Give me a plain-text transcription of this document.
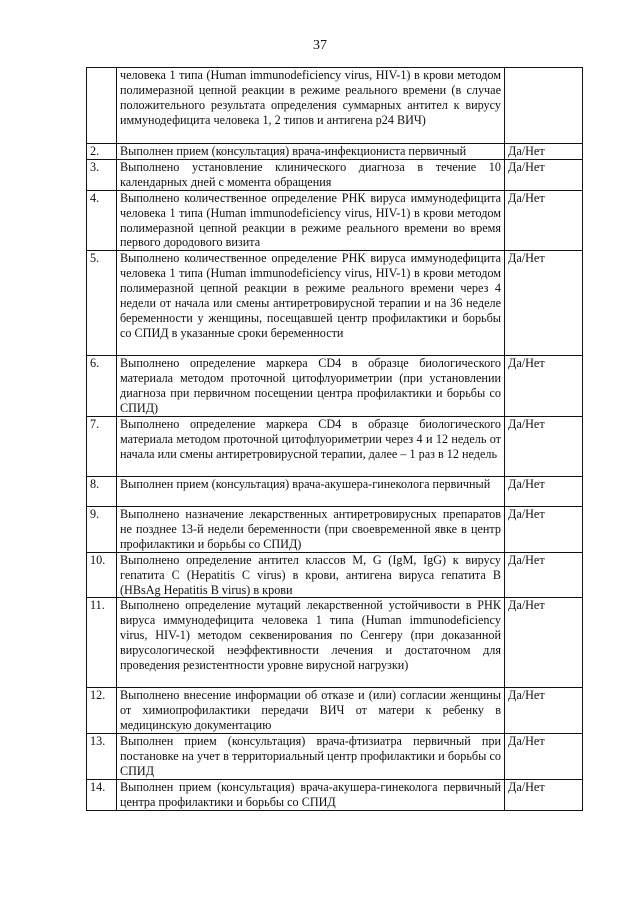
37
	человека 1 типа (Human immunodeficiency virus, HIV-1) в крови методом полимеразной цепной реакции в режиме реального времени (в случае положительного результата определения суммарных антител к вирусу иммунодефицита человека 1, 2 типов и антигена p24 ВИЧ)	
2.	Выполнен прием (консультация) врача-инфекциониста первичный	Да/Нет
3.	Выполнено установление клинического диагноза в течение 10 календарных дней с момента обращения	Да/Нет
4.	Выполнено количественное определение РНК вируса иммунодефицита человека 1 типа (Human immunodeficiency virus, HIV-1) в крови методом полимеразной цепной реакции в режиме реального времени во время первого дородового визита	Да/Нет
5.	Выполнено количественное определение РНК вируса иммунодефицита человека 1 типа (Human immunodeficiency virus, HIV-1) в крови методом полимеразной цепной реакции в режиме реального времени через 4 недели от начала или смены антиретровирусной терапии и на 36 неделе беременности у женщины, посещавшей центр профилактики и борьбы со СПИД в указанные сроки беременности	Да/Нет
6.	Выполнено определение маркера CD4 в образце биологического материала методом проточной цитофлуориметрии (при установлении диагноза при первичном посещении центра профилактики и борьбы со СПИД)	Да/Нет
7.	Выполнено определение маркера CD4 в образце биологического материала методом проточной цитофлуориметрии через 4 и 12 недель от начала или смены антиретровирусной терапии, далее – 1 раз в 12 недель	Да/Нет
8.	Выполнен прием (консультация) врача-акушера-гинеколога первичный	Да/Нет
9.	Выполнено назначение лекарственных антиретровирусных препаратов не позднее 13-й недели беременности (при своевременной явке в центр профилактики и борьбы со СПИД)	Да/Нет
10.	Выполнено определение антител классов M, G (IgM, IgG) к вирусу гепатита C (Hepatitis C virus) в крови, антигена вируса гепатита B (HBsAg Hepatitis B virus) в крови	Да/Нет
11.	Выполнено определение мутаций лекарственной устойчивости в РНК вируса иммунодефицита человека 1 типа (Human immunodeficiency virus, HIV-1) методом секвенирования по Сенгеру (при доказанной вирусологической неэффективности лечения и достаточном для проведения резистентности уровне вирусной нагрузки)	Да/Нет
12.	Выполнено внесение информации об отказе и (или) согласии женщины от химиопрофилактики передачи ВИЧ от матери к ребенку в медицинскую документацию	Да/Нет
13.	Выполнен прием (консультация) врача-фтизиатра первичный при постановке на учет в территориальный центр профилактики и борьбы со СПИД	Да/Нет
14.	Выполнен прием (консультация) врача-акушера-гинеколога первичный центра профилактики и борьбы со СПИД	Да/Нет
